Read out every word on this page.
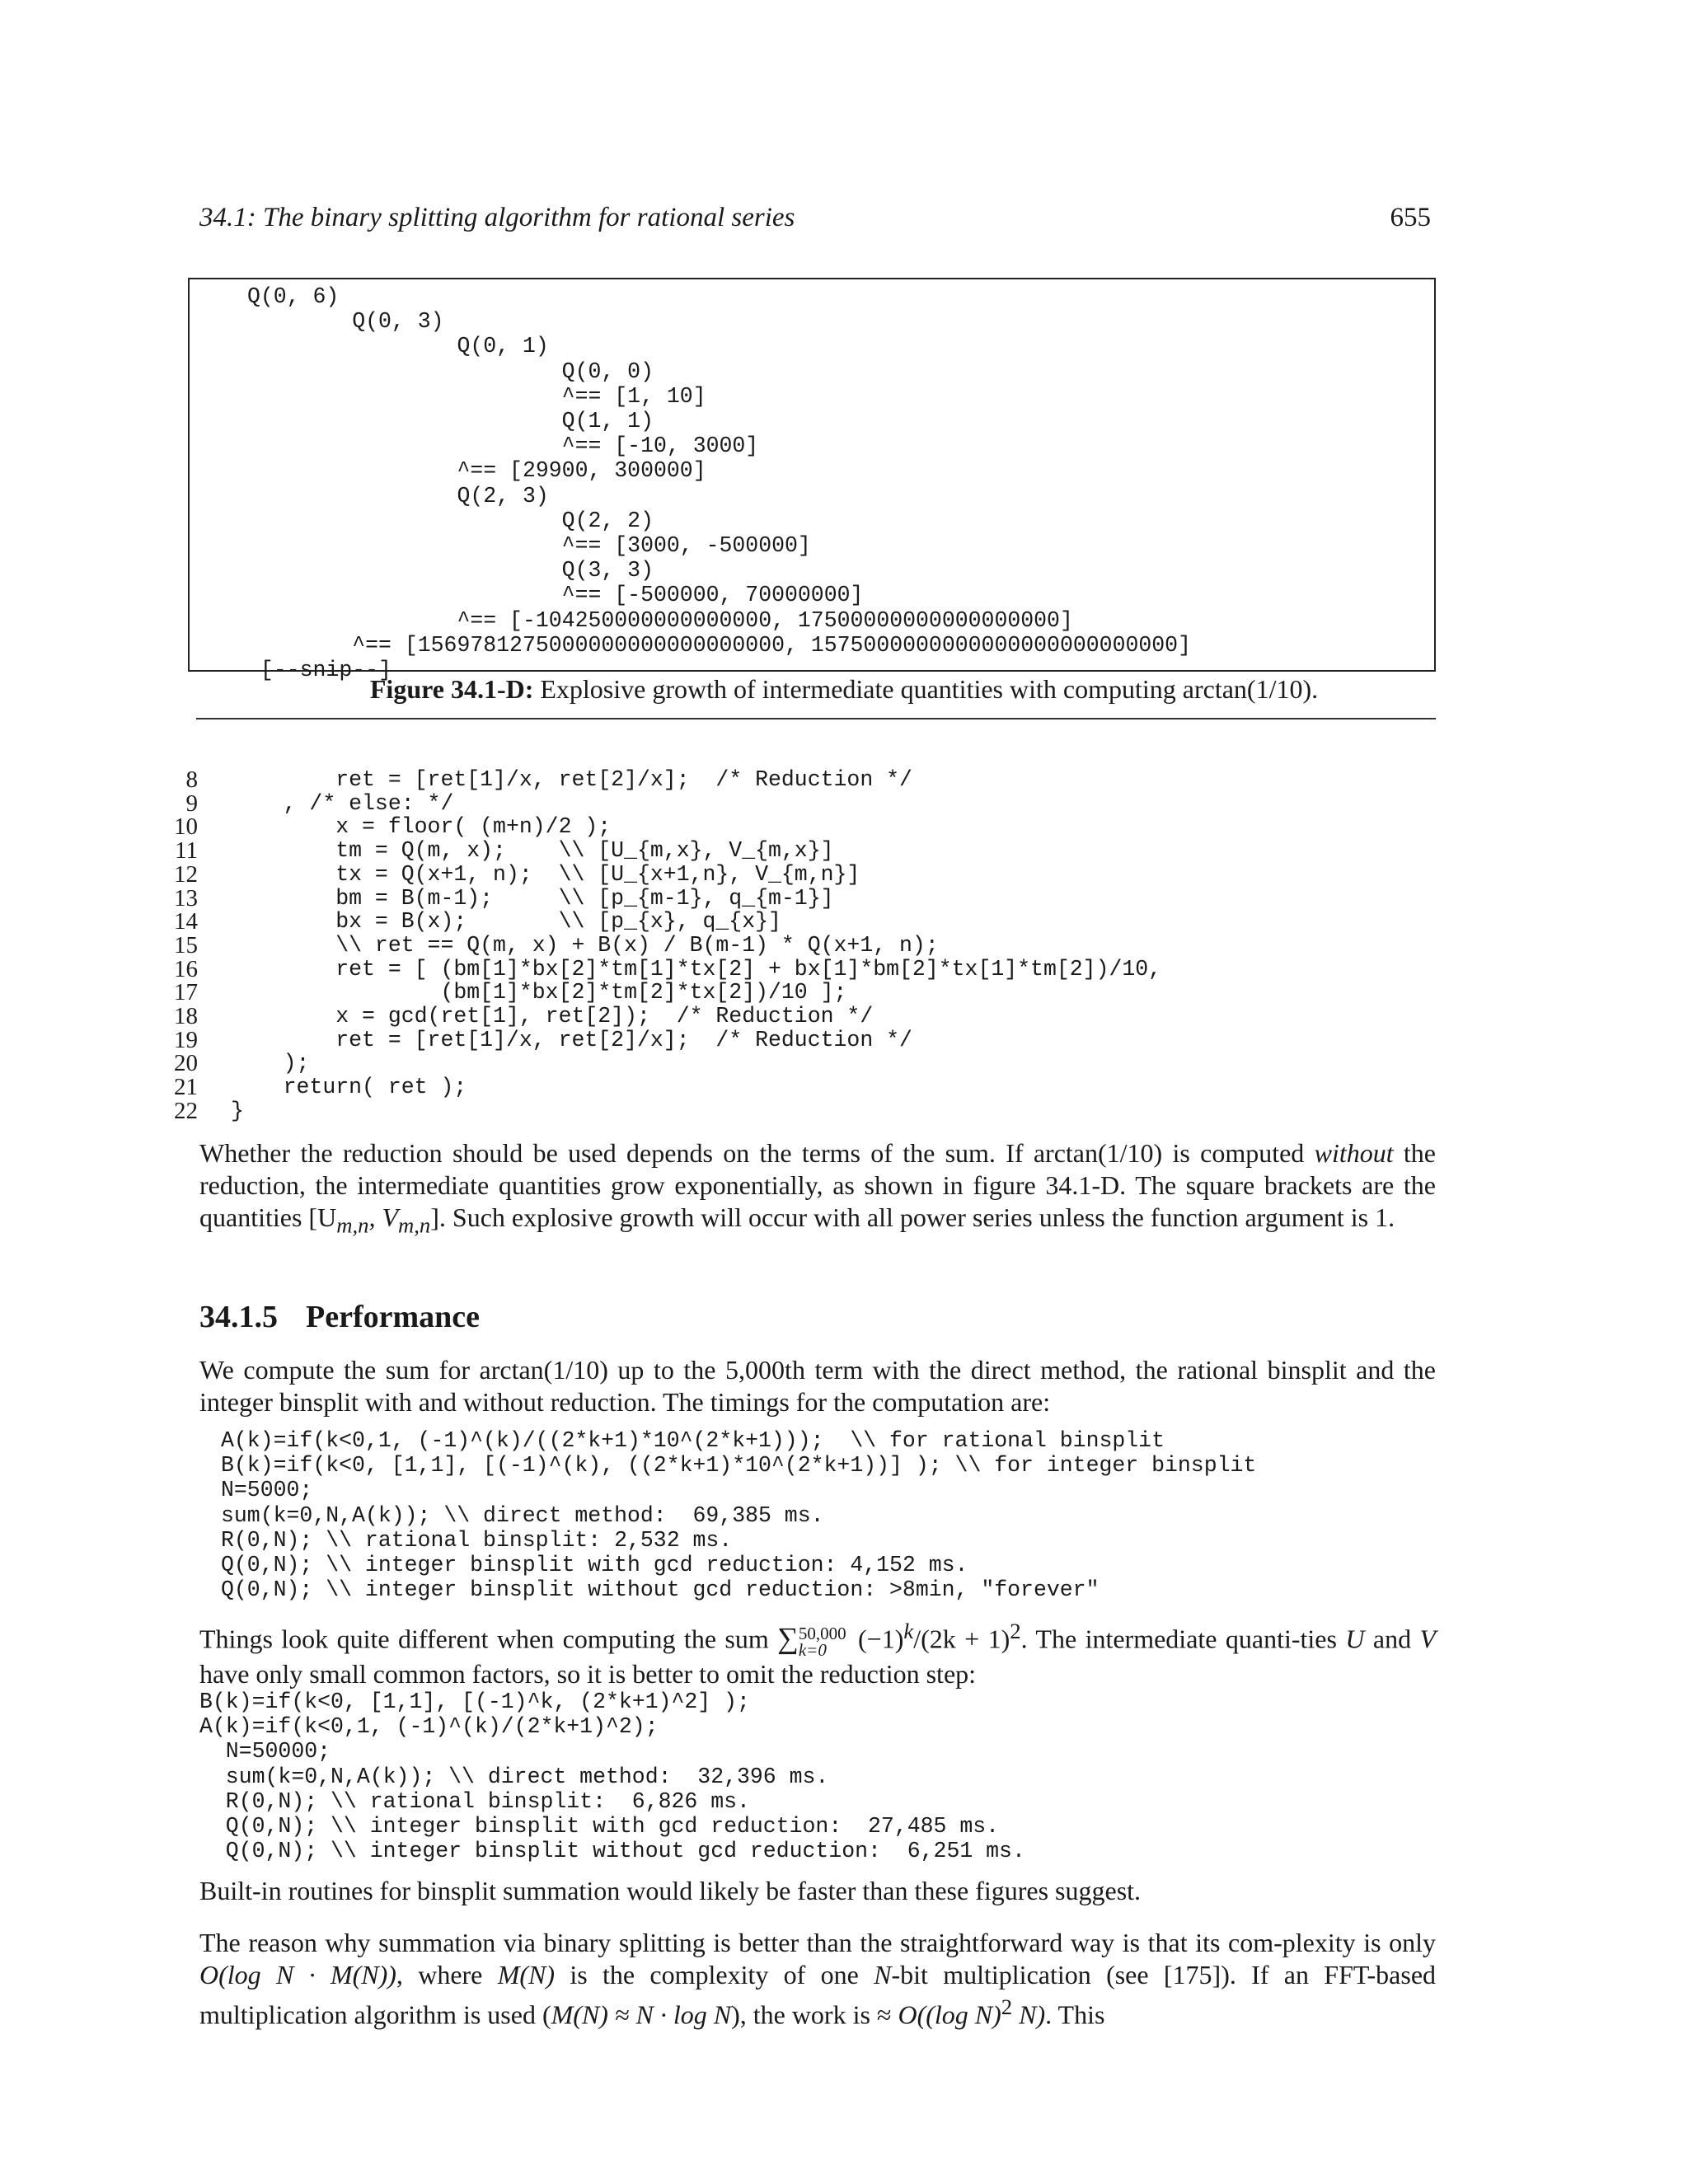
34.1: The binary splitting algorithm for rational series	655
Q(0, 6)
Q(0, 3)
Q(0, 1)
Q(0, 0)
^== [1, 10]
Q(1, 1)
^== [-10, 3000]
^== [29900, 300000]
Q(2, 3)
Q(2, 2)
^== [3000, -500000]
Q(3, 3)
^== [-500000, 70000000]
^== [-104250000000000000, 17500000000000000000]
^== [1569781275000000000000000000, 1575000000000000000000000000]
[--snip--]
Figure 34.1-D: Explosive growth of intermediate quantities with computing arctan(1/10).
8
9
10
11
12
13
14
15
16
17
18
19
20
21
22
ret = [ret[1]/x, ret[2]/x];  /* Reduction */
, /* else: */
x = floor( (m+n)/2 );
tm = Q(m, x);    \\ [U_{m,x}, V_{m,x}]
tx = Q(x+1, n);  \\ [U_{x+1,n}, V_{m,n}]
bm = B(m-1);     \\ [p_{m-1}, q_{m-1}]
bx = B(x);       \\ [p_{x}, q_{x}]
\\ ret == Q(m, x) + B(x) / B(m-1) * Q(x+1, n);
ret = [ (bm[1]*bx[2]*tm[1]*tx[2] + bx[1]*bm[2]*tx[1]*tm[2])/10,
(bm[1]*bx[2]*tm[2]*tx[2])/10 ];
x = gcd(ret[1], ret[2]);  /* Reduction */
ret = [ret[1]/x, ret[2]/x];  /* Reduction */
);
return( ret );
}
Whether the reduction should be used depends on the terms of the sum. If arctan(1/10) is computed without the reduction, the intermediate quantities grow exponentially, as shown in figure 34.1-D. The square brackets are the quantities [$U_{m,n}$, $V_{m,n}$]. Such explosive growth will occur with all power series unless the function argument is 1.
34.1.5 Performance
We compute the sum for arctan(1/10) up to the 5,000th term with the direct method, the rational binsplit and the integer binsplit with and without reduction. The timings for the computation are:
A(k)=if(k<0,1, (-1)^(k)/((2*k+1)*10^(2*k+1)));  \\ for rational binsplit
B(k)=if(k<0, [1,1], [(-1)^(k), ((2*k+1)*10^(2*k+1))] ); \\ for integer binsplit
N=5000;
sum(k=0,N,A(k)); \\ direct method:  69,385 ms.
R(0,N); \\ rational binsplit: 2,532 ms.
Q(0,N); \\ integer binsplit with gcd reduction: 4,152 ms.
Q(0,N); \\ integer binsplit without gcd reduction: >8min, "forever"
Things look quite different when computing the sum ∑50,000
k=0 $(-1)^k/(2k + 1)^2$. The intermediate quanti-ties U and V have only small common factors, so it is better to omit the reduction step:
B(k)=if(k<0, [1,1], [(-1)^k, (2*k+1)^2] );
A(k)=if(k<0,1, (-1)^(k)/(2*k+1)^2);
N=50000;
sum(k=0,N,A(k)); \\ direct method:  32,396 ms.
R(0,N); \\ rational binsplit:  6,826 ms.
Q(0,N); \\ integer binsplit with gcd reduction:  27,485 ms.
Q(0,N); \\ integer binsplit without gcd reduction:  6,251 ms.
Built-in routines for binsplit summation would likely be faster than these figures suggest.
The reason why summation via binary splitting is better than the straightforward way is that its com-plexity is only O(log N · M(N)), where M(N) is the complexity of one N-bit multiplication (see [175]). If an FFT-based multiplication algorithm is used (M(N) ≈ N · log N), the work is ≈ O((log N)$^2$ N). This
